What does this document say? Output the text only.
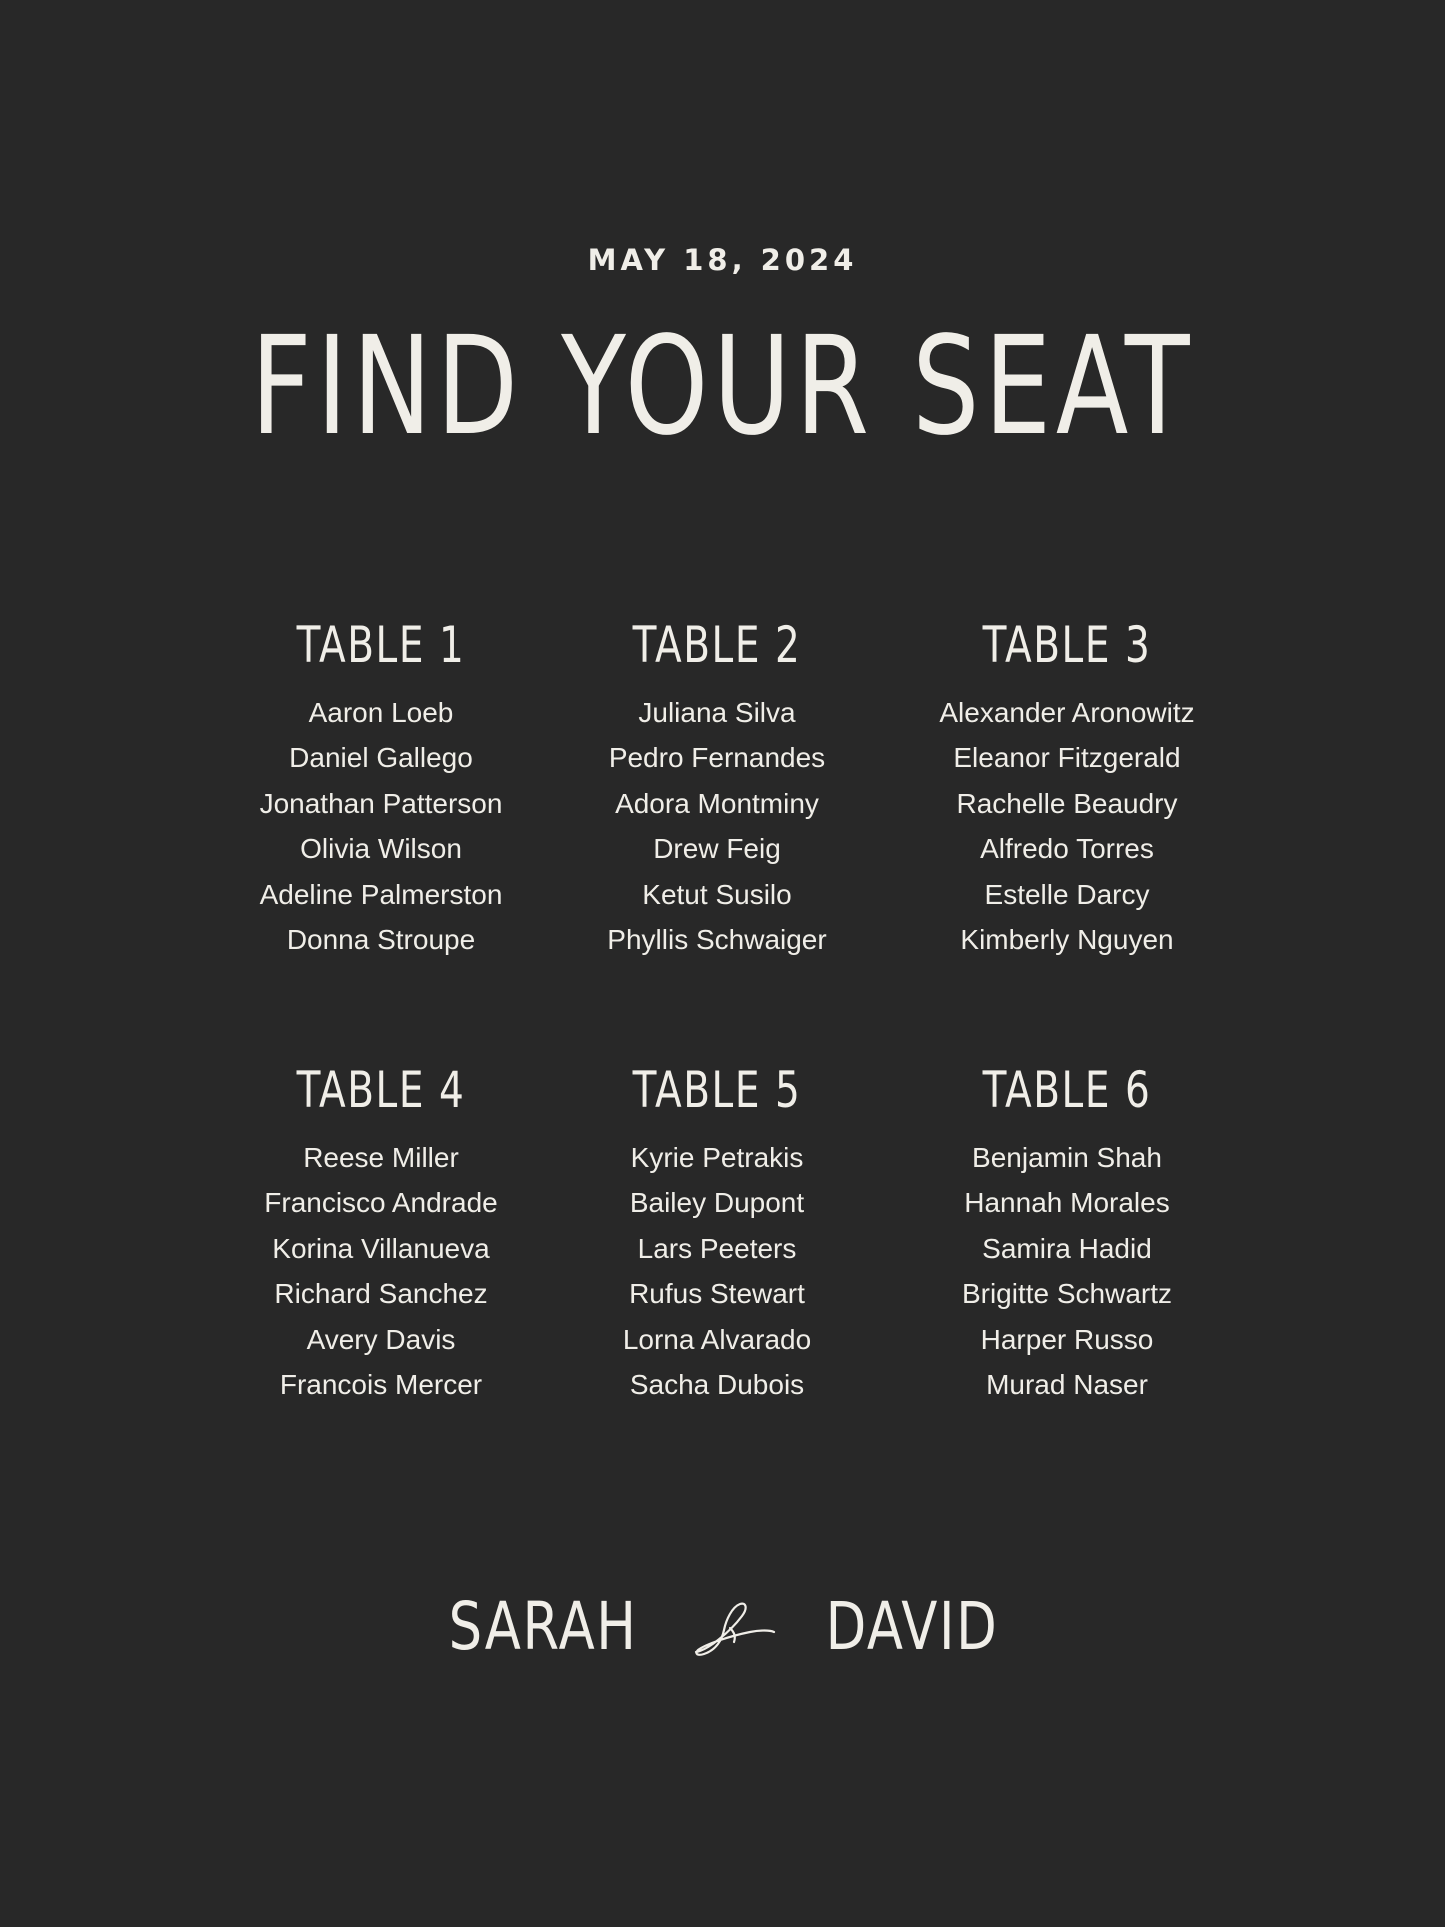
MAY 18, 2024
FIND YOUR SEAT
TABLE 1
Aaron Loeb
Daniel Gallego
Jonathan Patterson
Olivia Wilson
Adeline Palmerston
Donna Stroupe
TABLE 2
Juliana Silva
Pedro Fernandes
Adora Montminy
Drew Feig
Ketut Susilo
Phyllis Schwaiger
TABLE 3
Alexander Aronowitz
Eleanor Fitzgerald
Rachelle Beaudry
Alfredo Torres
Estelle Darcy
Kimberly Nguyen
TABLE 4
Reese Miller
Francisco Andrade
Korina Villanueva
Richard Sanchez
Avery Davis
Francois Mercer
TABLE 5
Kyrie Petrakis
Bailey Dupont
Lars Peeters
Rufus Stewart
Lorna Alvarado
Sacha Dubois
TABLE 6
Benjamin Shah
Hannah Morales
Samira Hadid
Brigitte Schwartz
Harper Russo
Murad Naser
SARAH	DAVID
